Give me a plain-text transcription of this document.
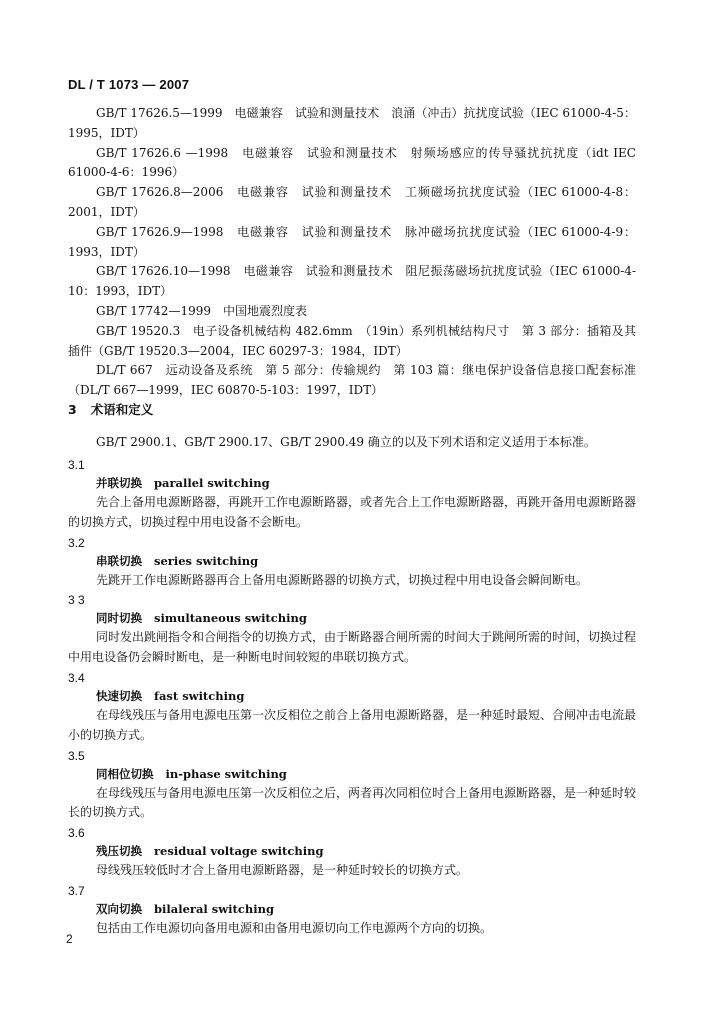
DL / T 1073 — 2007

GB/T 17626.5—1999　电磁兼容　试验和测量技术　浪涌（冲击）抗扰度试验（IEC 61000-4-5：1995，IDT）

GB/T 17626.6 —1998　电磁兼容　试验和测量技术　射频场感应的传导骚扰抗扰度（idt IEC 61000-4-6：1996）

GB/T 17626.8—2006　电磁兼容　试验和测量技术　工频磁场抗扰度试验（IEC 61000-4-8：2001，IDT）

GB/T 17626.9—1998　电磁兼容　试验和测量技术　脉冲磁场抗扰度试验（IEC 61000-4-9：1993，IDT）

GB/T 17626.10—1998　电磁兼容　试验和测量技术　阻尼振荡磁场抗扰度试验（IEC 61000-4-10：1993，IDT）

GB/T 17742—1999　中国地震烈度表

GB/T 19520.3　电子设备机械结构 482.6mm　（19in）系列机械结构尺寸　第 3 部分：插箱及其插件（GB/T 19520.3—2004，IEC 60297-3：1984，IDT）

DL/T 667　远动设备及系统　第 5 部分：传输规约　第 103 篇：继电保护设备信息接口配套标准（DL/T 667—1999，IEC 60870-5-103：1997，IDT）

3 术语和定义

GB/T 2900.1、GB/T 2900.17、GB/T 2900.49 确立的以及下列术语和定义适用于本标准。

3.1

并联切换 parallel switching

先合上备用电源断路器，再跳开工作电源断路器，或者先合上工作电源断路器，再跳开备用电源断路器的切换方式，切换过程中用电设备不会断电。

3.2

串联切换 series switching

先跳开工作电源断路器再合上备用电源断路器的切换方式，切换过程中用电设备会瞬间断电。

3 3

同时切换 simultaneous switching

同时发出跳闸指令和合闸指令的切换方式，由于断路器合闸所需的时间大于跳闸所需的时间，切换过程中用电设备仍会瞬时断电，是一种断电时间较短的串联切换方式。

3.4

快速切换 fast switching

在母线残压与备用电源电压第一次反相位之前合上备用电源断路器，是一种延时最短、合闸冲击电流最小的切换方式。

3.5

同相位切换 in-phase switching

在母线残压与备用电源电压第一次反相位之后，两者再次同相位时合上备用电源断路器，是一种延时较长的切换方式。

3.6

残压切换 residual voltage switching

母线残压较低时才合上备用电源断路器，是一种延时较长的切换方式。

3.7

双向切换 bilaleral switching

包括由工作电源切向备用电源和由备用电源切向工作电源两个方向的切换。

2
